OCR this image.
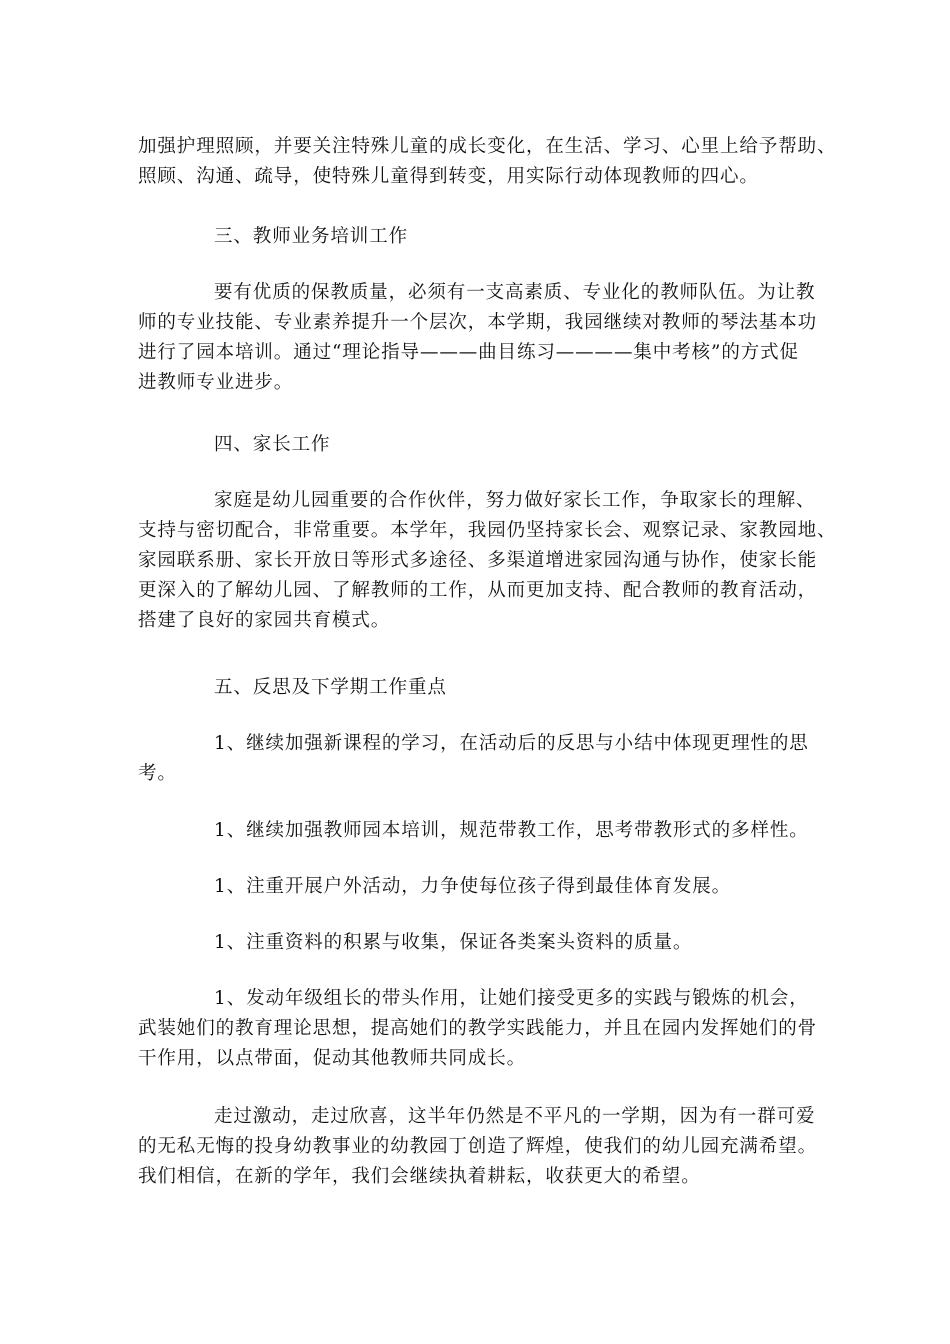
加强护理照顾，并要关注特殊儿童的成长变化，在生活、学习、心里上给予帮助、
照顾、沟通、疏导，使特殊儿童得到转变，用实际行动体现教师的四心。

三、教师业务培训工作

要有优质的保教质量，必须有一支高素质、专业化的教师队伍。为让教
师的专业技能、专业素养提升一个层次，本学期，我园继续对教师的琴法基本功
进行了园本培训。通过“理论指导———曲目练习————集中考核”的方式促
进教师专业进步。

四、家长工作

家庭是幼儿园重要的合作伙伴，努力做好家长工作，争取家长的理解、
支持与密切配合，非常重要。本学年，我园仍坚持家长会、观察记录、家教园地、
家园联系册、家长开放日等形式多途径、多渠道增进家园沟通与协作，使家长能
更深入的了解幼儿园、了解教师的工作，从而更加支持、配合教师的教育活动，
搭建了良好的家园共育模式。

五、反思及下学期工作重点

1、继续加强新课程的学习，在活动后的反思与小结中体现更理性的思
考。

1、继续加强教师园本培训，规范带教工作，思考带教形式的多样性。

1、注重开展户外活动，力争使每位孩子得到最佳体育发展。

1、注重资料的积累与收集，保证各类案头资料的质量。

1、发动年级组长的带头作用，让她们接受更多的实践与锻炼的机会，
武装她们的教育理论思想，提高她们的教学实践能力，并且在园内发挥她们的骨
干作用，以点带面，促动其他教师共同成长。

走过激动，走过欣喜，这半年仍然是不平凡的一学期，因为有一群可爱
的无私无悔的投身幼教事业的幼教园丁创造了辉煌，使我们的幼儿园充满希望。
我们相信，在新的学年，我们会继续执着耕耘，收获更大的希望。
